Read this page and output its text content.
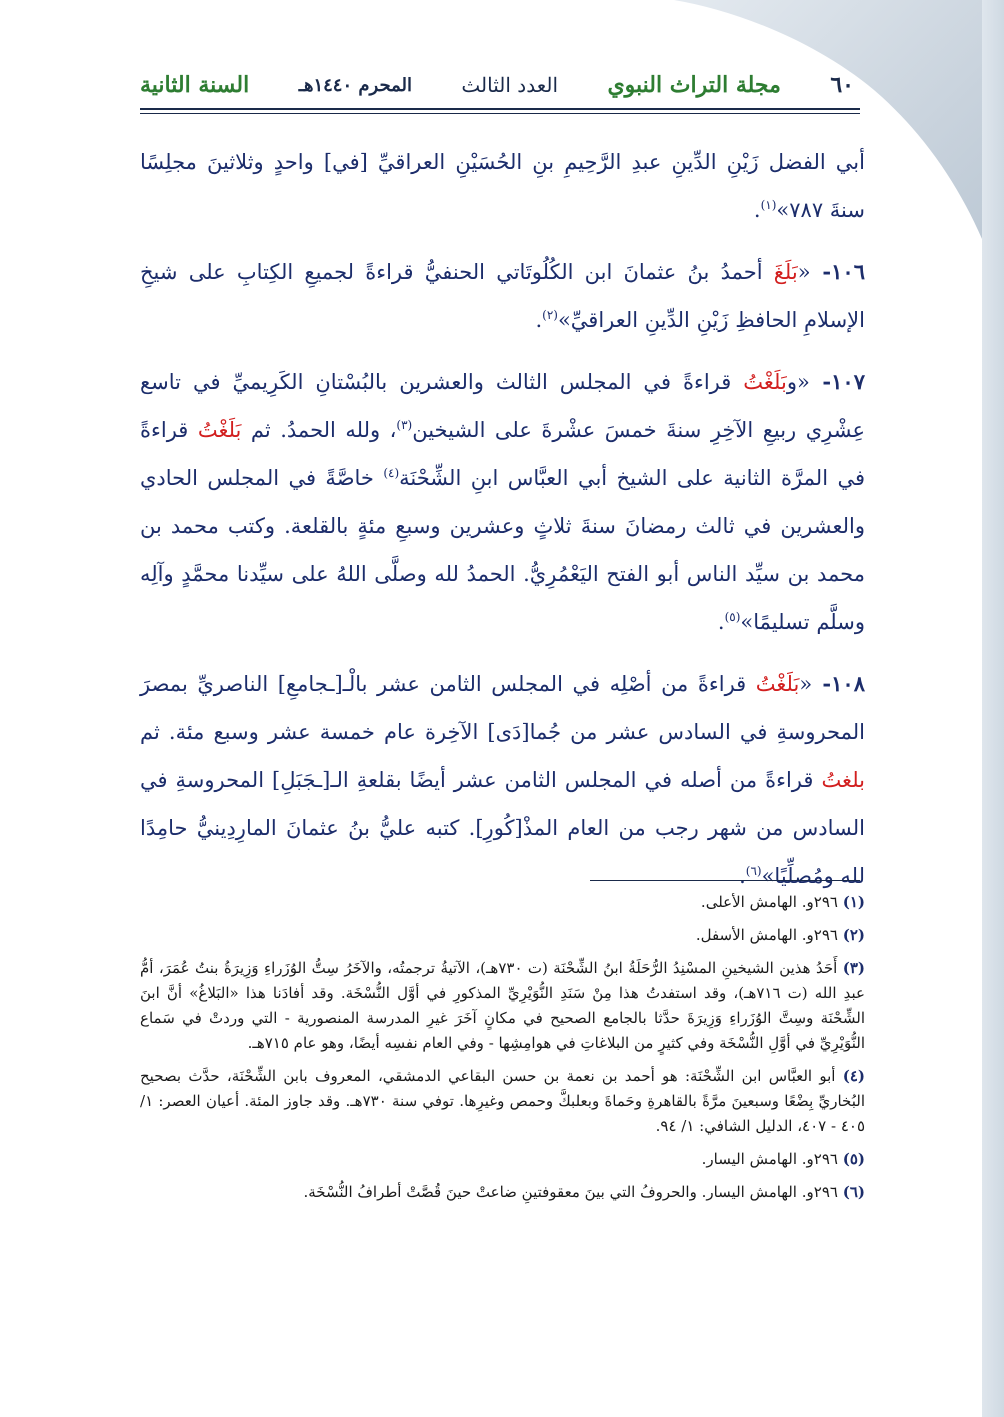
٦٠
مجلة التراث النبوي
العدد الثالث
المحرم ١٤٤٠هـ
السنة الثانية

أبي الفضل زَيْنِ الدِّينِ عبدِ الرَّحِيمِ بنِ الحُسَيْنِ العراقيِّ [في] واحدٍ وثلاثينَ مجلِسًا سنةَ ٧٨٧»$^{(١)}$.

١٠٦- «بَلَغَ أحمدُ بنُ عثمانَ ابن الكُلُوتَاتي الحنفيُّ قراءةً لجميعِ الكِتابِ على شيخِ الإسلامِ الحافظِ زَيْنِ الدِّينِ العراقيِّ»$^{(٢)}$.

١٠٧- «وبَلَغْتُ قراءةً في المجلس الثالث والعشرين بالبُسْتانِ الكَرِيميِّ في تاسع عِشْرِي ربيعِ الآخِرِ سنةَ خمسَ عشْرةَ على الشيخين$^{(٣)}$، ولله الحمدُ. ثم بَلَغْتُ قراءةً في المرَّة الثانية على الشيخ أبي العبَّاس ابنِ الشِّحْنَة$^{(٤)}$ خاصَّةً في المجلس الحادي والعشرين في ثالث رمضانَ سنةَ ثلاثٍ وعشرين وسبعِ مئةٍ بالقلعة. وكتب محمد بن محمد بن سيِّد الناس أبو الفتح اليَعْمُرِيُّ. الحمدُ لله وصلَّى اللهُ على سيِّدنا محمَّدٍ وآلِه وسلَّم تسليمًا»$^{(٥)}$.

١٠٨- «بَلَغْتُ قراءةً من أصْلِه في المجلس الثامن عشر بالْـ[ـجامعِ] الناصريِّ بمصرَ المحروسةِ في السادس عشر من جُما[دَى] الآخِرة عام خمسة عشر وسبع مئة. ثم بلغتُ قراءةً من أصله في المجلس الثامن عشر أيضًا بقلعةِ الـ[ـجَبَلِ] المحروسةِ في السادس من شهر رجب من العام المذْ[كُورِ]. كتبه عليُّ بنُ عثمانَ المارِدِينيُّ حامِدًا لله ومُصلِّيًا»$^{(٦)}$.

(١) ٢٩٦و. الهامش الأعلى.

(٢) ٢٩٦و. الهامش الأسفل.

(٣) أَحَدُ هذين الشيخينِ المسْنِدُ الرُّحَلَةُ ابنُ الشِّحْنَة (ت ٧٣٠هـ)، الآتيةُ ترجمتُه، والآخَرُ سِتُّ الوُزَراءِ وَزِيرَةُ بنتُ عُمَرَ، أمُّ عبدِ الله (ت ٧١٦هـ)، وقد استفدتُ هذا مِنْ سَنَدِ النُّوَيْرِيِّ المذكورِ في أوَّل النُّسْخَة. وقد أفادَنا هذا «البَلاغُ» أنَّ ابنَ الشِّحْنَة وسِتَّ الوُزَراءِ وَزِيرَةَ حدَّثا بالجامع الصحيح في مكانٍ آخَرَ غيرِ المدرسة المنصورية - التي وردتْ في سَماع النُّوَيْرِيِّ في أوَّلِ النُّسْخَة وفي كثيرٍ من البلاغاتِ في هوامِشِها - وفي العام نفسِه أيضًا، وهو عام ٧١٥هـ.

(٤) أبو العبَّاس ابن الشِّحْنَة: هو أحمد بن نعمة بن حسن البقاعي الدمشقي، المعروف بابن الشِّحْنَة، حدَّث بصحيح البُخاريِّ بِضْعًا وسبعينَ مرَّةً بالقاهرةِ وحَماةَ وبعلبكَّ وحمص وغيرِها. توفي سنة ٧٣٠هـ. وقد جاوز المئة. أعيان العصر: ١/ ٤٠٥ - ٤٠٧، الدليل الشافي: ١/ ٩٤.

(٥) ٢٩٦و. الهامش اليسار.

(٦) ٢٩٦و. الهامش اليسار. والحروفُ التي بينَ معقوفتينِ ضاعتْ حينَ قُصَّتْ أطرافُ النُّسْخَة.
